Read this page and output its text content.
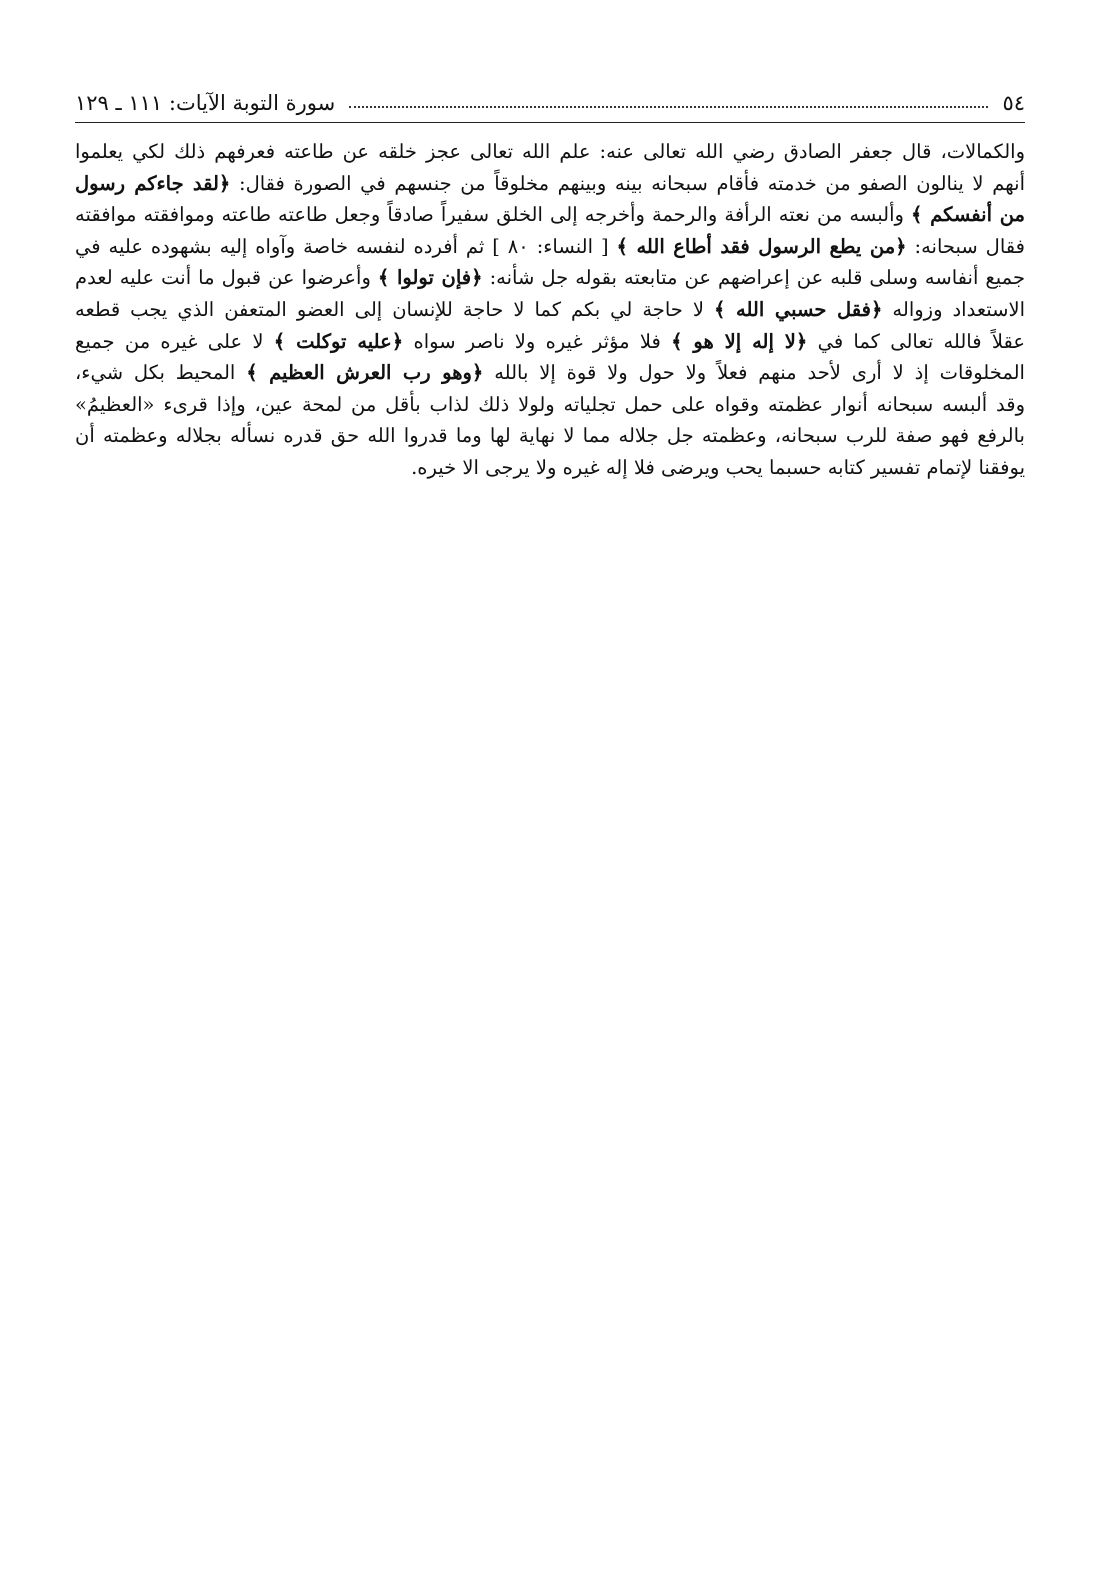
٥٤
سورة التوبة الآيات: ١١١ ـ ١٢٩
والكمالات، قال جعفر الصادق رضي الله تعالى عنه: علم الله تعالى عجز خلقه عن طاعته فعرفهم ذلك لكي يعلموا
أنهم لا ينالون الصفو من خدمته فأقام سبحانه بينه وبينهم مخلوقاً من جنسهم في الصورة فقال: ﴿لقد جاءكم رسول
من أنفسكم ﴾ وألبسه من نعته الرأفة والرحمة وأخرجه إلى الخلق سفيراً صادقاً وجعل طاعته طاعته وموافقته موافقته
فقال سبحانه: ﴿من يطع الرسول فقد أطاع الله ﴾ [ النساء: ٨٠ ] ثم أفرده لنفسه خاصة وآواه إليه بشهوده عليه في
جميع أنفاسه وسلى قلبه عن إعراضهم عن متابعته بقوله جل شأنه: ﴿فإن تولوا ﴾ وأعرضوا عن قبول ما أنت عليه لعدم
الاستعداد وزواله ﴿فقل حسبي الله ﴾ لا حاجة لي بكم كما لا حاجة للإنسان إلى العضو المتعفن الذي يجب قطعه
عقلاً فالله تعالى كما في ﴿لا إله إلا هو ﴾ فلا مؤثر غيره ولا ناصر سواه ﴿عليه توكلت ﴾ لا على غيره من جميع
المخلوقات إذ لا أرى لأحد منهم فعلاً ولا حول ولا قوة إلا بالله ﴿وهو رب العرش العظيم ﴾ المحيط بكل شيء،
وقد ألبسه سبحانه أنوار عظمته وقواه على حمل تجلياته ولولا ذلك لذاب بأقل من لمحة عين، وإذا قرىء «العظيمُ»
بالرفع فهو صفة للرب سبحانه، وعظمته جل جلاله مما لا نهاية لها وما قدروا الله حق قدره نسأله بجلاله وعظمته أن
يوفقنا لإتمام تفسير كتابه حسبما يحب ويرضى فلا إله غيره ولا يرجى الا خيره.
